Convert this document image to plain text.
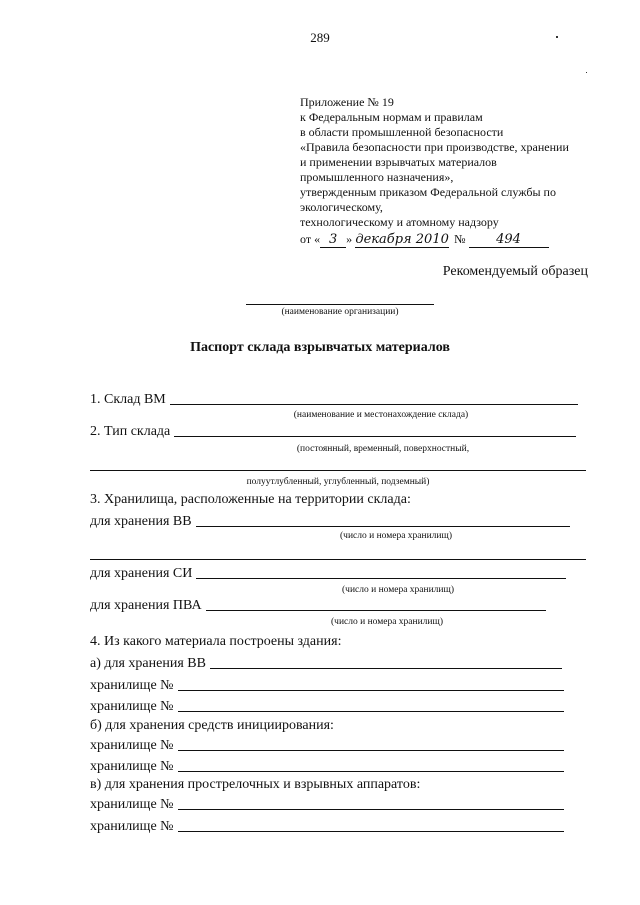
289
Приложение № 19
к Федеральным нормам и правилам
в области промышленной безопасности
«Правила безопасности при производстве, хранении
и применении взрывчатых материалов
промышленного назначения»,
утвержденным приказом Федеральной службы по
экологическому,
технологическому и атомному надзору
от « 3 » декабря 2010 № 494
Рекомендуемый образец
(наименование организации)
Паспорт склада взрывчатых материалов
1. Склад ВМ
(наименование и местонахождение склада)
2. Тип склада
(постоянный, временный, поверхностный,
полуутлубленный, углубленный, подземный)
3. Хранилища, расположенные на территории склада:
для хранения ВВ
(число и номера хранилищ)
для хранения СИ
(число и номера хранилищ)
для хранения ПВА
(число и номера хранилищ)
4. Из какого материала построены здания:
а) для хранения ВВ
хранилище №
хранилище №
б) для хранения средств инициирования:
хранилище №
хранилище №
в) для хранения прострелочных и взрывных аппаратов:
хранилище №
хранилище №
